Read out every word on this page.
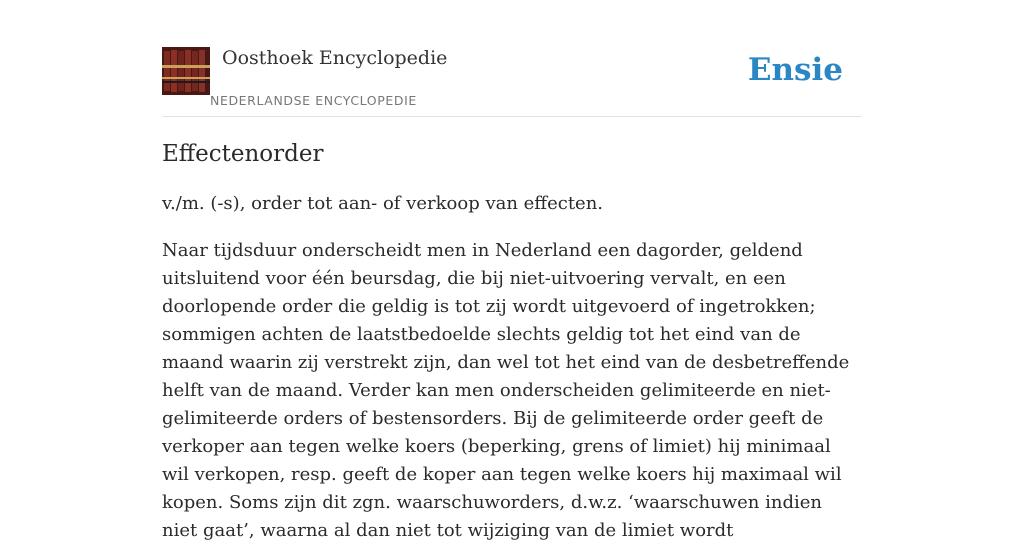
Oosthoek Encyclopedie
NEDERLANDSE ENCYCLOPEDIE
Ensie
Effectenorder

v./m. (-s), order tot aan- of verkoop van effecten.

Naar tijdsduur onderscheidt men in Nederland een dagorder, geldend uitsluitend voor één beursdag, die bij niet-uitvoering vervalt, en een doorlopende order die geldig is tot zij wordt uitgevoerd of ingetrokken; sommigen achten de laatstbedoelde slechts geldig tot het eind van de maand waarin zij verstrekt zijn, dan wel tot het eind van de desbetreffende helft van de maand. Verder kan men onderscheiden gelimiteerde en niet-gelimiteerde orders of bestensorders. Bij de gelimiteerde order geeft de verkoper aan tegen welke koers (beperking, grens of limiet) hij minimaal wil verkopen, resp. geeft de koper aan tegen welke koers hij maximaal wil kopen. Soms zijn dit zgn. waarschuworders, d.w.z. ‘waarschuwen indien niet gaat’, waarna al dan niet tot wijziging van de limiet wordt
